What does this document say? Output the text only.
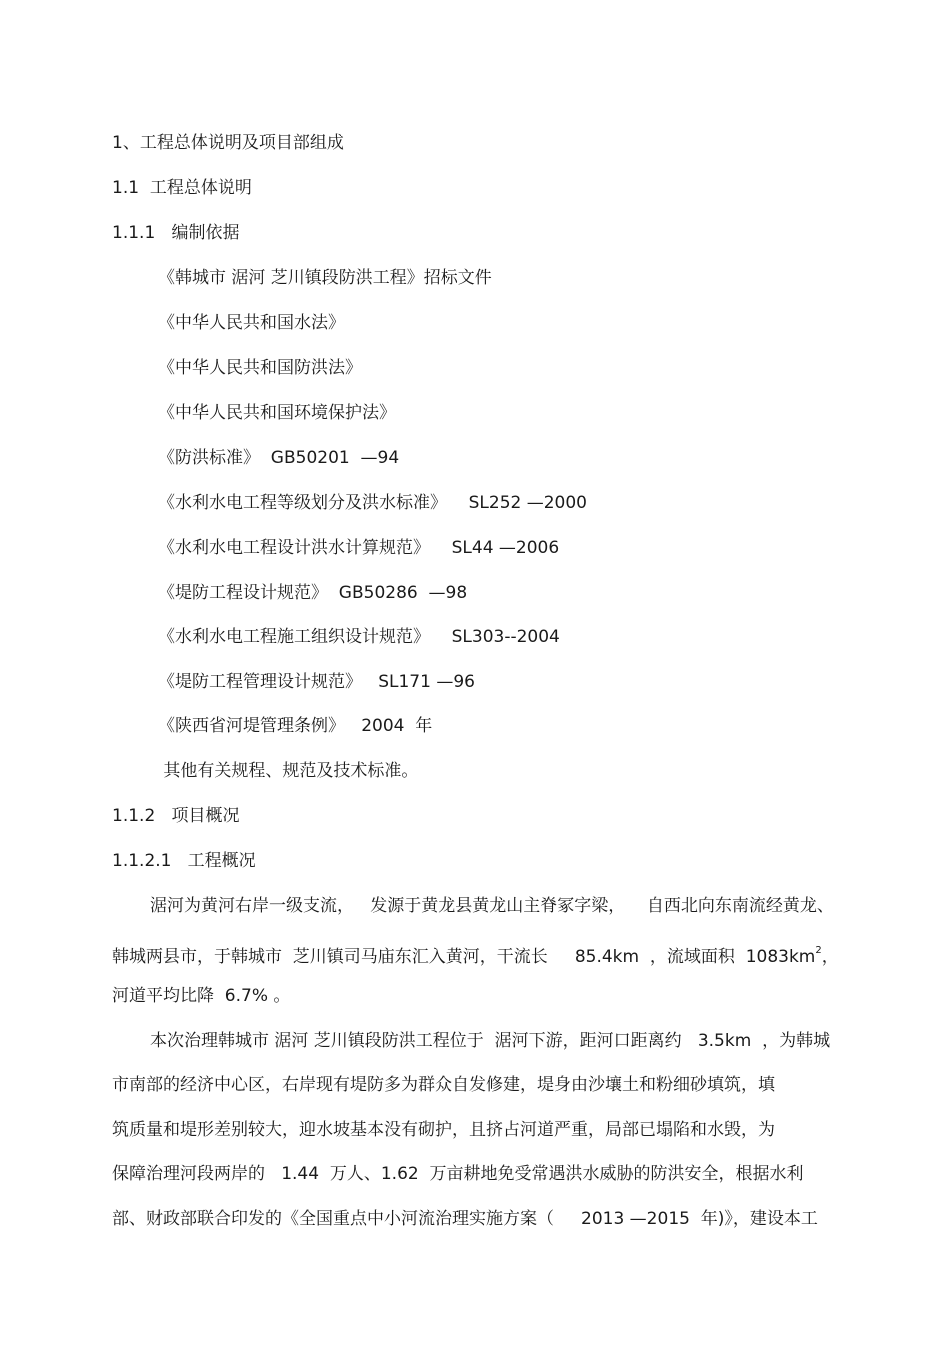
1、工程总体说明及项目部组成
1.1  工程总体说明
1.1.1   编制依据
《韩城市 涺河 芝川镇段防洪工程》招标文件
《中华人民共和国水法》
《中华人民共和国防洪法》
《中华人民共和国环境保护法》
《防洪标准》  GB50201  —94
《水利水电工程等级划分及洪水标准》    SL252 —2000
《水利水电工程设计洪水计算规范》    SL44 —2006
《堤防工程设计规范》  GB50286  —98
《水利水电工程施工组织设计规范》    SL303--2004
《堤防工程管理设计规范》   SL171 —96
《陕西省河堤管理条例》   2004  年
其他有关规程、规范及技术标准。
1.1.2   项目概况
1.1.2.1   工程概况
涺河为黄河右岸一级支流，   发源于黄龙县黄龙山主脊冢字梁，    自西北向东南流经黄龙、
韩城两县市，于韩城市  芝川镇司马庙东汇入黄河，干流长     85.4km  ，流域面积  $1083km^2$，
河道平均比降  6.7% 。
本次治理韩城市 涺河 芝川镇段防洪工程位于  涺河下游，距河口距离约   3.5km  ，为韩城
市南部的经济中心区，右岸现有堤防多为群众自发修建，堤身由沙壤土和粉细砂填筑，填
筑质量和堤形差别较大，迎水坡基本没有砌护，且挤占河道严重，局部已塌陷和水毁，为
保障治理河段两岸的   1.44  万人、1.62  万亩耕地免受常遇洪水威胁的防洪安全，根据水利
部、财政部联合印发的《全国重点中小河流治理实施方案（     2013 —2015  年)》，建设本工
